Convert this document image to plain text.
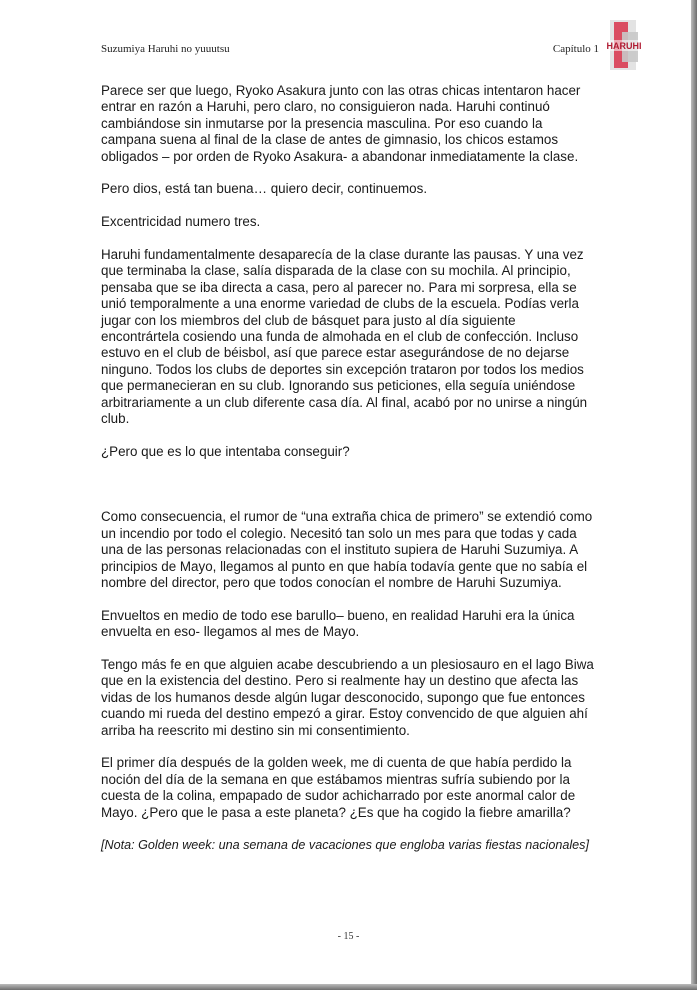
Suzumiya Haruhi no yuuutsu	Capítulo 1 HARUHI

Parece ser que luego, Ryoko Asakura junto con las otras chicas intentaron hacer entrar en razón a Haruhi, pero claro, no consiguieron nada. Haruhi continuó cambiándose sin inmutarse por la presencia masculina. Por eso cuando la campana suena al final de la clase de antes de gimnasio, los chicos estamos obligados – por orden de Ryoko Asakura- a abandonar inmediatamente la clase.

Pero dios, está tan buena… quiero decir, continuemos.

Excentricidad numero tres.

Haruhi fundamentalmente desaparecía de la clase durante las pausas. Y una vez que terminaba la clase, salía disparada de la clase con su mochila. Al principio, pensaba que se iba directa a casa, pero al parecer no. Para mi sorpresa, ella se unió temporalmente a una enorme variedad de clubs de la escuela. Podías verla jugar con los miembros del club de básquet para justo al día siguiente encontrártela cosiendo una funda de almohada en el club de confección. Incluso estuvo en el club de béisbol, así que parece estar asegurándose de no dejarse ninguno. Todos los clubs de deportes sin excepción trataron por todos los medios que permanecieran en su club. Ignorando sus peticiones, ella seguía uniéndose arbitrariamente a un club diferente casa día. Al final, acabó por no unirse a ningún club.

¿Pero que es lo que intentaba conseguir?

Como consecuencia, el rumor de “una extraña chica de primero” se extendió como un incendio por todo el colegio. Necesitó tan solo un mes para que todas y cada una de las personas relacionadas con el instituto supiera de Haruhi Suzumiya. A principios de Mayo, llegamos al punto en que había todavía gente que no sabía el nombre del director, pero que todos conocían el nombre de Haruhi Suzumiya.

Envueltos en medio de todo ese barullo– bueno, en realidad Haruhi era la única envuelta en eso- llegamos al mes de Mayo.

Tengo más fe en que alguien acabe descubriendo a un plesiosauro en el lago Biwa que en la existencia del destino. Pero si realmente hay un destino que afecta las vidas de los humanos desde algún lugar desconocido, supongo que fue entonces cuando mi rueda del destino empezó a girar. Estoy convencido de que alguien ahí arriba ha reescrito mi destino sin mi consentimiento.

El primer día después de la golden week, me di cuenta de que había perdido la noción del día de la semana en que estábamos mientras sufría subiendo por la cuesta de la colina, empapado de sudor achicharrado por este anormal calor de Mayo. ¿Pero que le pasa a este planeta? ¿Es que ha cogido la fiebre amarilla?

[Nota: Golden week: una semana de vacaciones que engloba varias fiestas nacionales]

- 15 -
